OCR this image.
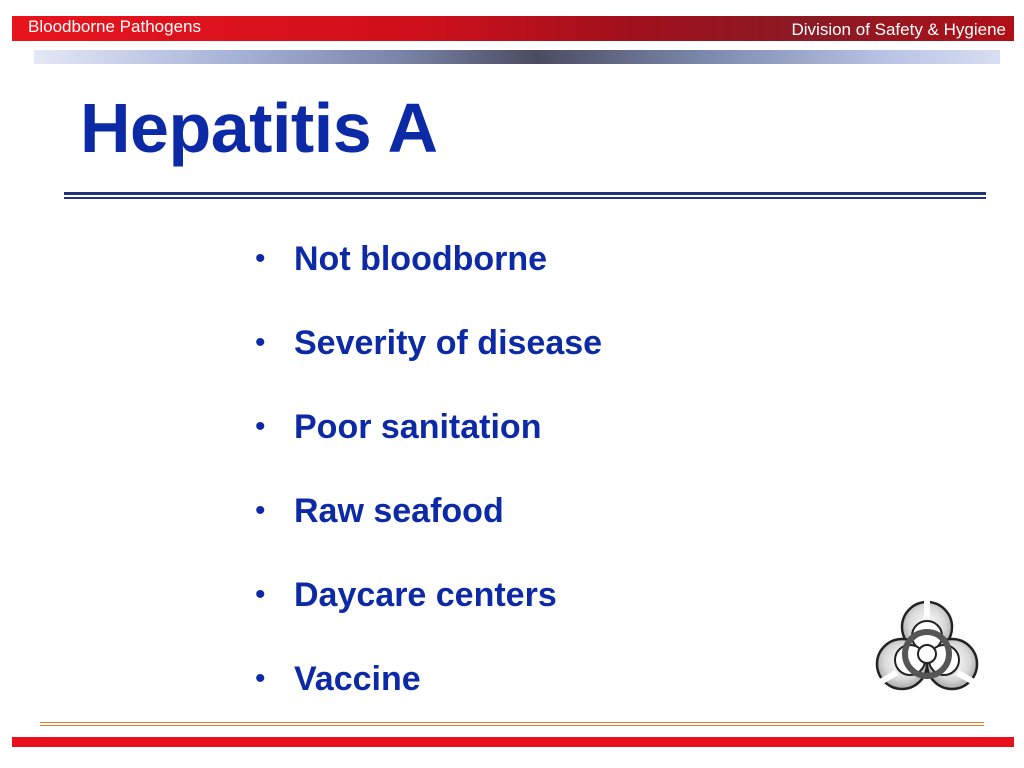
Bloodborne Pathogens	Division of Safety & Hygiene
Hepatitis A
• Not bloodborne
• Severity of disease
• Poor sanitation
• Raw seafood
• Daycare centers
• Vaccine
